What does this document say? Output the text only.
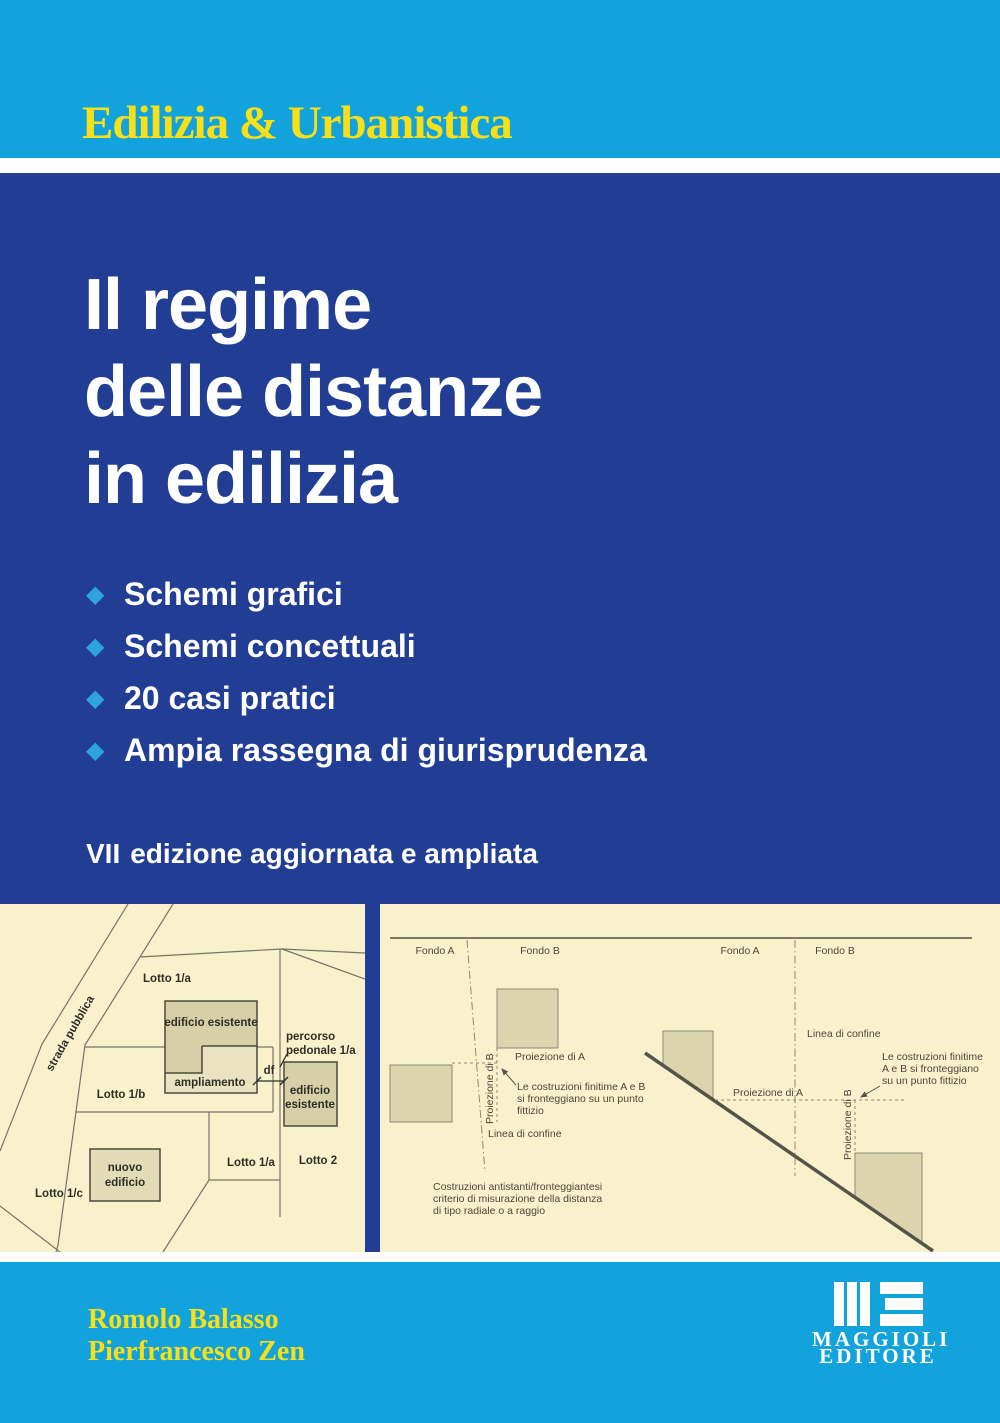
Edilizia & Urbanistica
Il regime
delle distanze
in edilizia
◆ Schemi grafici
◆ Schemi concettuali
◆ 20 casi pratici
◆ Ampia rassegna di giurisprudenza
VII edizione aggiornata e ampliata
Lotto 1/a
Lotto 1/b
Lotto 1/a Lotto 2
Lotto 1/c
strada pubblica	edificio esistente
ampliamento
edificio
esistente
nuovo
edificio
df
percorso
pedonale 1/a
Fondo A	Fondo B
Proiezione di A
Proiezione di B Le costruzioni finitime A e B
si fronteggiano su un punto
fittizio
Linea di confine
Costruzioni antistanti/fronteggiantesi
criterio di misurazione della distanza
di tipo radiale o a raggio
Fondo A	Fondo B
Linea di confine
Proiezione di A	Proiezione di B
Le costruzioni finitime
A e B si fronteggiano
su un punto fittizio
Romolo Balasso
Pierfrancesco Zen	MAGGIOLI
EDITORE
